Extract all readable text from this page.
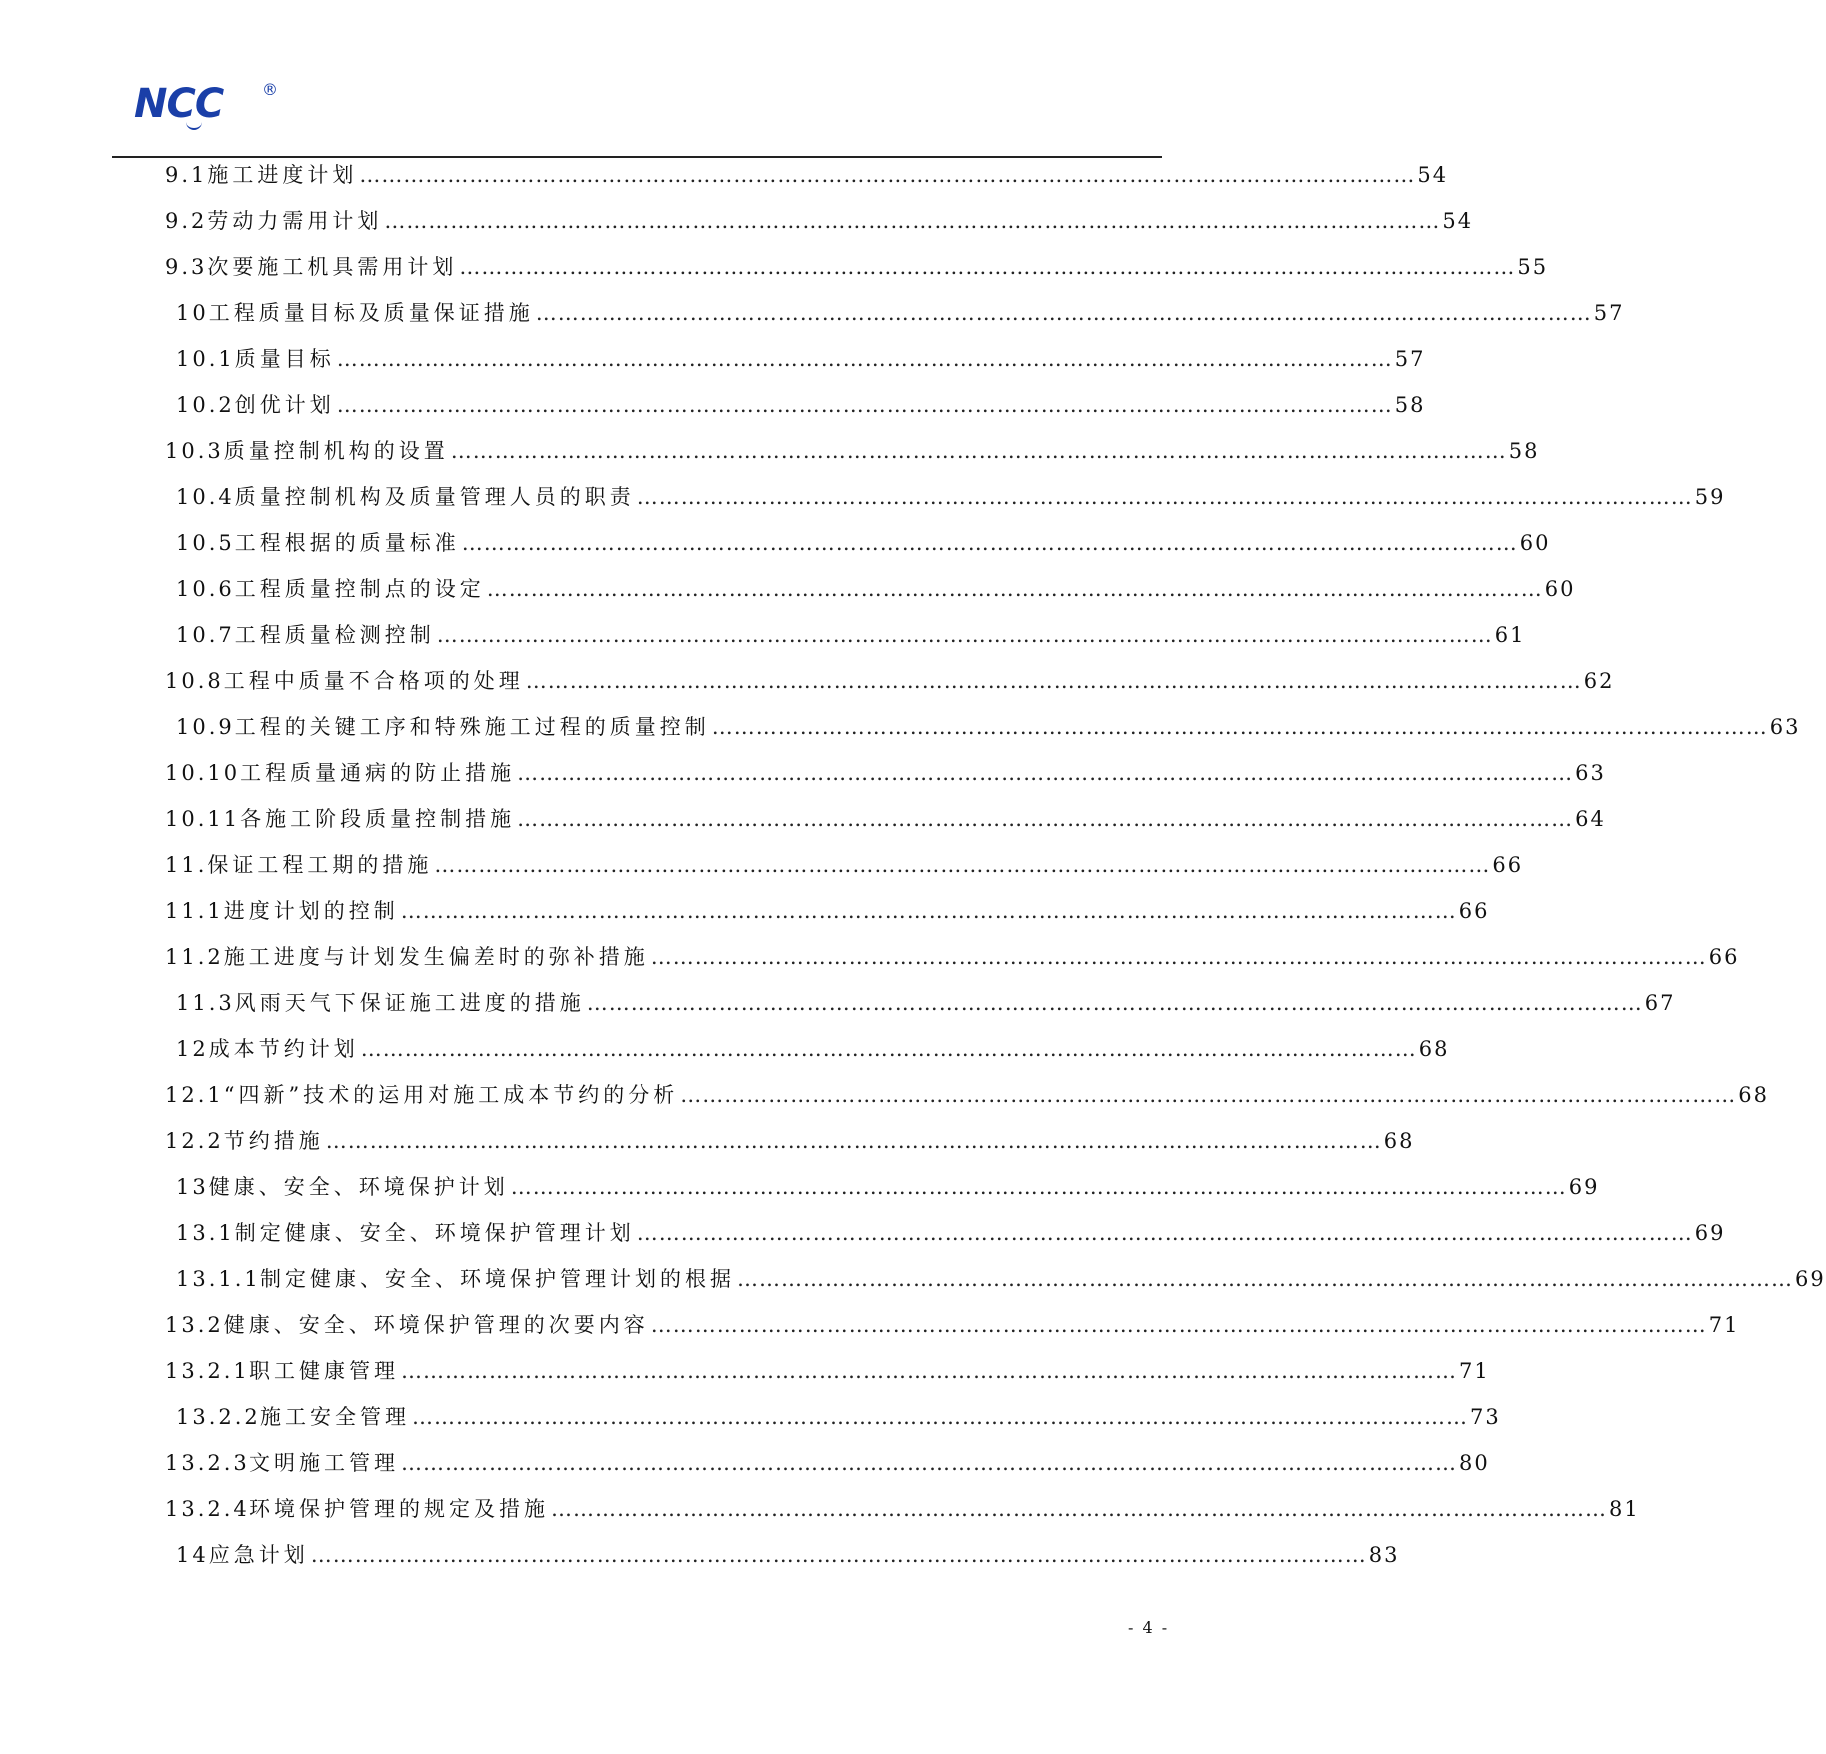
NCC ®
9.1 施工进度计划 ……………………………………………………………………………………………………………………………… 54
9.2 劳动力需用计划 ……………………………………………………………………………………………………………………………… 54
9.3 次要施工机具需用计划 ……………………………………………………………………………………………………………………………… 55
10 工程质量目标及质量保证措施 ……………………………………………………………………………………………………………………………… 57
10.1 质量目标 ……………………………………………………………………………………………………………………………… 57
10.2 创优计划 ……………………………………………………………………………………………………………………………… 58
10.3 质量控制机构的设置 ……………………………………………………………………………………………………………………………… 58
10.4 质量控制机构及质量管理人员的职责 ……………………………………………………………………………………………………………………………… 59
10.5 工程根据的质量标准 ……………………………………………………………………………………………………………………………… 60
10.6 工程质量控制点的设定 ……………………………………………………………………………………………………………………………… 60
10.7 工程质量检测控制 ……………………………………………………………………………………………………………………………… 61
10.8 工程中质量不合格项的处理 ……………………………………………………………………………………………………………………………… 62
10.9 工程的关键工序和特殊施工过程的质量控制 ……………………………………………………………………………………………………………………………… 63
10.10 工程质量通病的防止措施 ……………………………………………………………………………………………………………………………… 63
10.11 各施工阶段质量控制措施 ……………………………………………………………………………………………………………………………… 64
11. 保证工程工期的措施 ……………………………………………………………………………………………………………………………… 66
11.1 进度计划的控制 ……………………………………………………………………………………………………………………………… 66
11.2 施工进度与计划发生偏差时的弥补措施 ……………………………………………………………………………………………………………………………… 66
11.3 风雨天气下保证施工进度的措施 ……………………………………………………………………………………………………………………………… 67
12 成本节约计划 ……………………………………………………………………………………………………………………………… 68
12.1 “四新”技术的运用对施工成本节约的分析 ……………………………………………………………………………………………………………………………… 68
12.2 节约措施 ……………………………………………………………………………………………………………………………… 68
13 健康、安全、环境保护计划 ……………………………………………………………………………………………………………………………… 69
13.1 制定健康、安全、环境保护管理计划 ……………………………………………………………………………………………………………………………… 69
13.1.1 制定健康、安全、环境保护管理计划的根据 ……………………………………………………………………………………………………………………………… 69
13.2 健康、安全、环境保护管理的次要内容 ……………………………………………………………………………………………………………………………… 71
13.2.1 职工健康管理 ……………………………………………………………………………………………………………………………… 71
13.2.2 施工安全管理 ……………………………………………………………………………………………………………………………… 73
13.2.3 文明施工管理 ……………………………………………………………………………………………………………………………… 80
13.2.4 环境保护管理的规定及措施 ……………………………………………………………………………………………………………………………… 81
14 应急计划 ……………………………………………………………………………………………………………………………… 83
- 4 -
